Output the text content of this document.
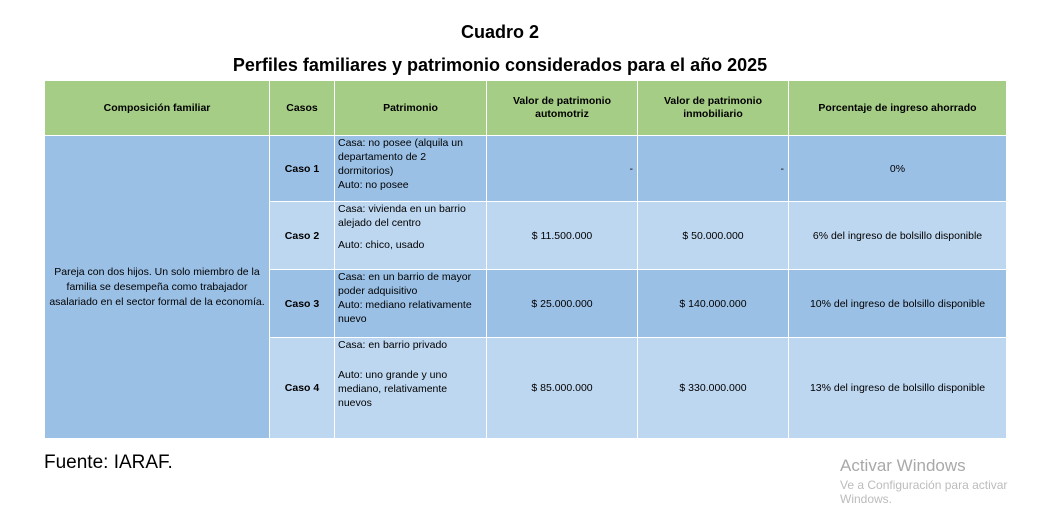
Cuadro 2
Perfiles familiares y patrimonio considerados para el año 2025
Composición familiar	Casos	Patrimonio	Valor de patrimonio automotriz	Valor de patrimonio inmobiliario	Porcentaje de ingreso ahorrado
Pareja con dos hijos. Un solo miembro de la familia se desempeña como trabajador asalariado en el sector formal de la economía.	Caso 1	Casa: no posee (alquila un departamento de 2 dormitorios)
Auto: no posee	-	-	0%
	Caso 2	Casa: vivienda en un barrio alejado del centro
Auto: chico, usado	$ 11.500.000	$ 50.000.000	6% del ingreso de bolsillo disponible
	Caso 3	Casa: en un barrio de mayor poder adquisitivo
Auto: mediano relativamente nuevo	$ 25.000.000	$ 140.000.000	10% del ingreso de bolsillo disponible
	Caso 4	Casa: en barrio privado
Auto: uno grande y uno mediano, relativamente nuevos	$ 85.000.000	$ 330.000.000	13% del ingreso de bolsillo disponible
Fuente: IARAF.	Activar Windows
Ve a Configuración para activar Windows.
